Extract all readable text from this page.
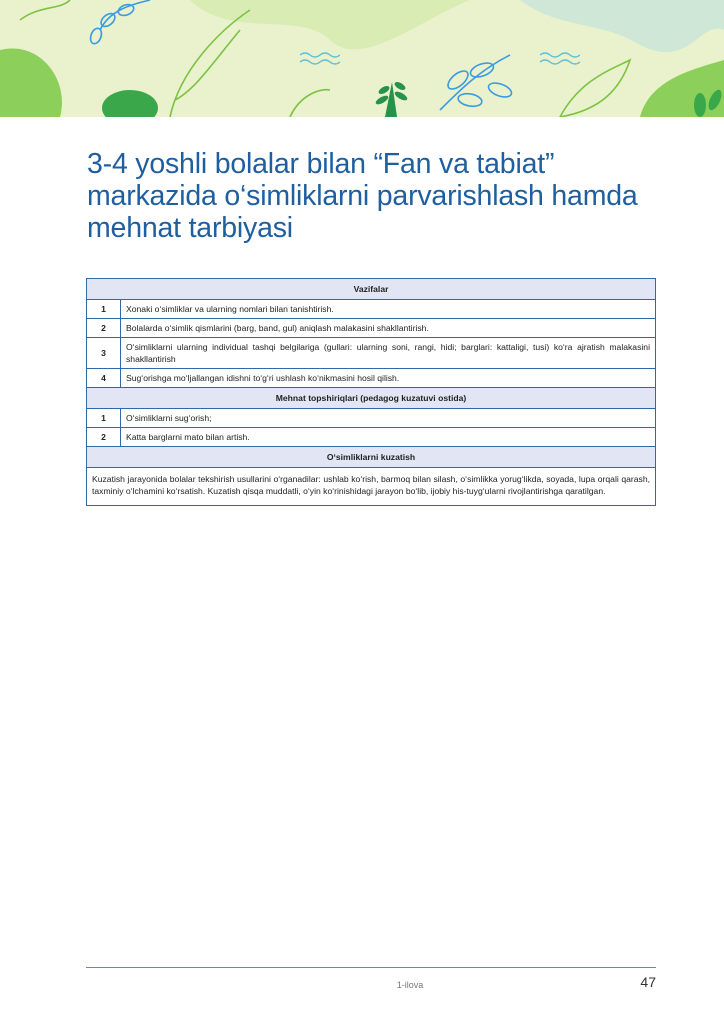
3-4 yoshli bolalar bilan “Fan va tabiat” markazida o‘simliklarni parvarishlash hamda mehnat tarbiyasi
Vazifalar	
1	Xonaki o‘simliklar va ularning nomlari bilan tanishtirish.
2	Bolalarda o‘simlik qismlarini (barg, band, gul) aniqlash malakasini shakllantirish.
3	O‘simliklarni ularning individual tashqi belgilariga (gullari: ularning soni, rangi, hidi; barglari: kattaligi, tusi) ko‘ra ajratish malakasini shakllantirish
4	Sug‘orishga mo‘ljallangan idishni to‘g‘ri ushlash ko‘nikmasini hosil qilish.
Mehnat topshiriqlari (pedagog kuzatuvi ostida)	
1	O‘simliklarni sug‘orish;
2	Katta barglarni mato bilan artish.
O‘simliklarni kuzatish	
Kuzatish jarayonida bolalar tekshirish usullarini o‘rganadilar: ushlab ko‘rish, barmoq bilan silash, o‘simlikka yorug‘likda, soyada, lupa orqali qarash, taxminiy o‘lchamini ko‘rsatish. Kuzatish qisqa muddatli, o‘yin ko‘rinishidagi jarayon bo‘lib, ijobiy his-tuyg‘ularni rivojlantirishga qaratilgan.	
1-ilova	47
